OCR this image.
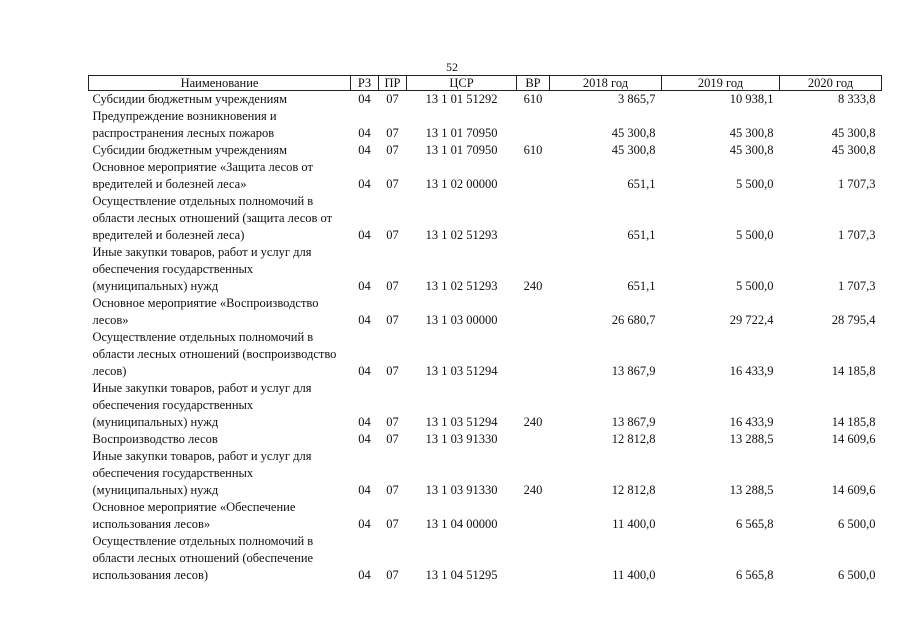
52
Наименование	РЗ	ПР	ЦСР	ВР	2018 год	2019 год	2020 год
Субсидии бюджетным учреждениям	04	07	13 1 01 51292	610	3 865,7	10 938,1	8 333,8
Предупреждение возникновения и распространения лесных пожаров	04	07	13 1 01 70950		45 300,8	45 300,8	45 300,8
Субсидии бюджетным учреждениям	04	07	13 1 01 70950	610	45 300,8	45 300,8	45 300,8
Основное мероприятие «Защита лесов от вредителей и болезней леса»	04	07	13 1 02 00000		651,1	5 500,0	1 707,3
Осуществление отдельных полномочий в области лесных отношений (защита лесов от вредителей и болезней леса)	04	07	13 1 02 51293		651,1	5 500,0	1 707,3
Иные закупки товаров, работ и услуг для обеспечения государственных (муниципальных) нужд	04	07	13 1 02 51293	240	651,1	5 500,0	1 707,3
Основное мероприятие «Воспроизводство лесов»	04	07	13 1 03 00000		26 680,7	29 722,4	28 795,4
Осуществление отдельных полномочий в области лесных отношений (воспроизводство лесов)	04	07	13 1 03 51294		13 867,9	16 433,9	14 185,8
Иные закупки товаров, работ и услуг для обеспечения государственных (муниципальных) нужд	04	07	13 1 03 51294	240	13 867,9	16 433,9	14 185,8
Воспроизводство лесов	04	07	13 1 03 91330		12 812,8	13 288,5	14 609,6
Иные закупки товаров, работ и услуг для обеспечения государственных (муниципальных) нужд	04	07	13 1 03 91330	240	12 812,8	13 288,5	14 609,6
Основное мероприятие «Обеспечение использования лесов»	04	07	13 1 04 00000		11 400,0	6 565,8	6 500,0
Осуществление отдельных полномочий в области лесных отношений (обеспечение использования лесов)	04	07	13 1 04 51295		11 400,0	6 565,8	6 500,0
